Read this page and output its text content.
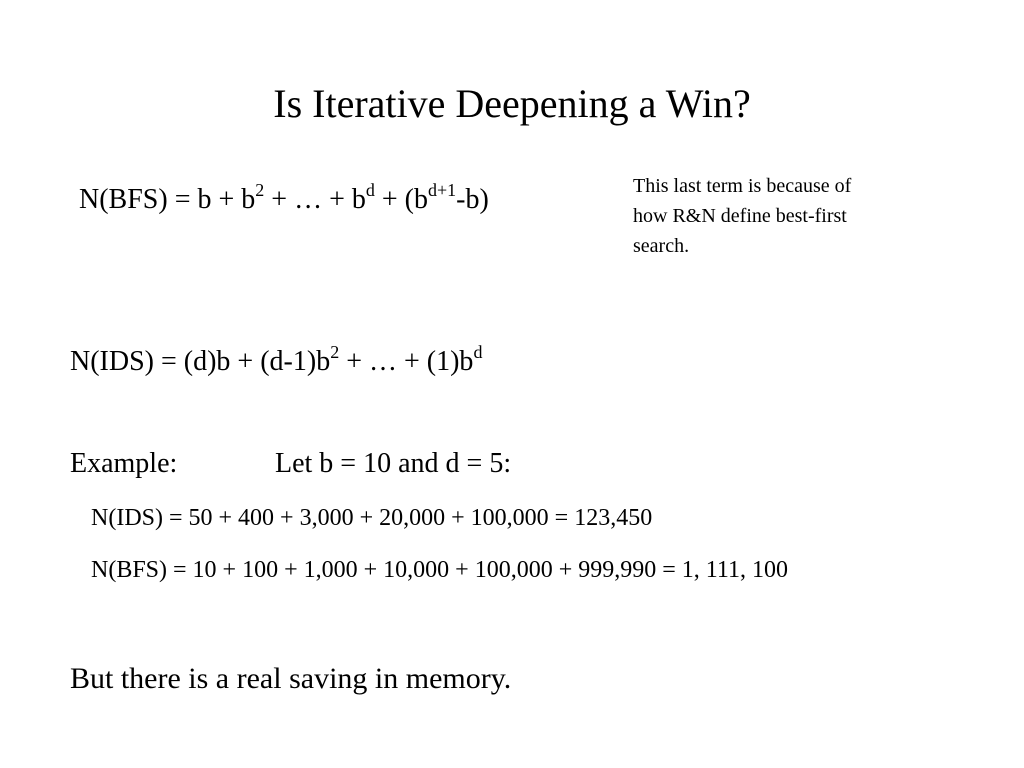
Is Iterative Deepening a Win?
$N(BFS) = b + b^2$ + … + $b^d + (b^{d+1}-b)$	This last term is because of
how R&N define best-first
search.
$N(IDS) = (d)b + (d-1)b^2$ + … + $(1)b^d$
Example:	Let b = 10 and d = 5:
N(IDS) = 50 + 400 + 3,000 + 20,000 + 100,000 = 123,450
N(BFS) = 10 + 100 + 1,000 + 10,000 + 100,000 + 999,990 = 1, 111, 100
But there is a real saving in memory.
